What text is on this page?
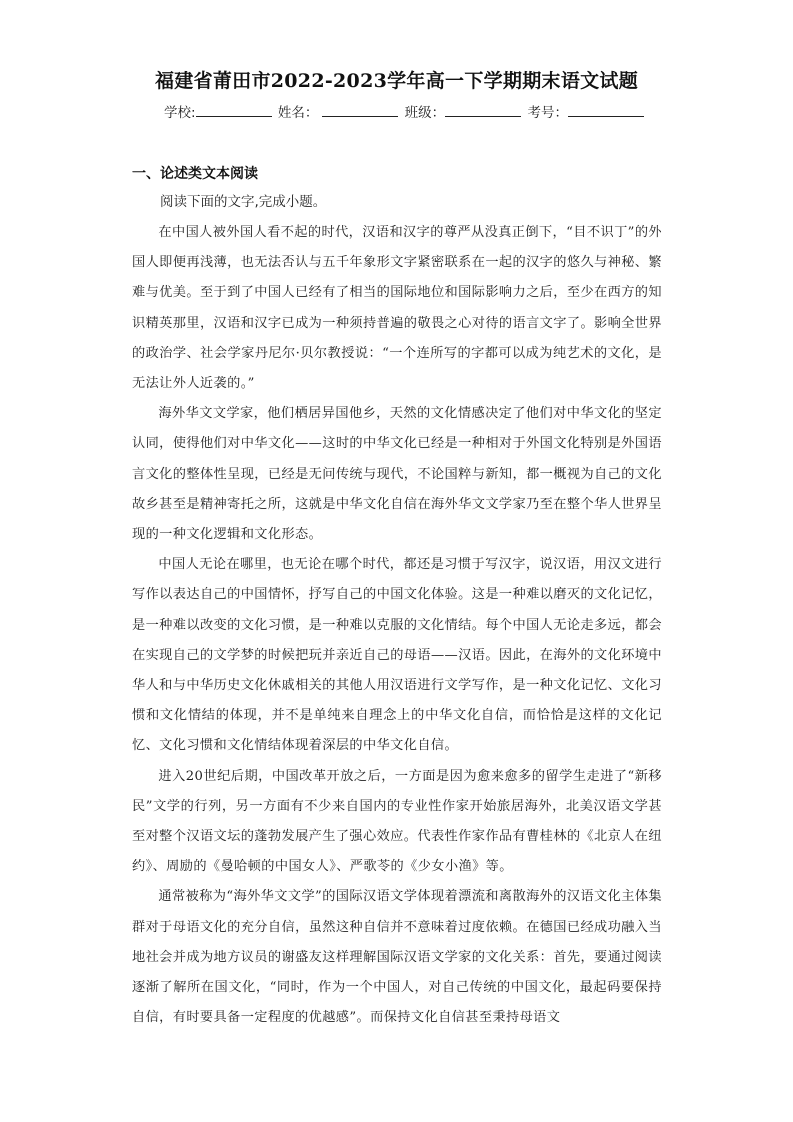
福建省莆田市2022-2023学年高一下学期期末语文试题
学校:	姓名：	班级：	考号：
一、论述类文本阅读
阅读下面的文字,完成小题。

在中国人被外国人看不起的时代，汉语和汉字的尊严从没真正倒下，“目不识丁”的外国人即便再浅薄，也无法否认与五千年象形文字紧密联系在一起的汉字的悠久与神秘、繁难与优美。至于到了中国人已经有了相当的国际地位和国际影响力之后，至少在西方的知识精英那里，汉语和汉字已成为一种须持普遍的敬畏之心对待的语言文字了。影响全世界的政治学、社会学家丹尼尔·贝尔教授说：“一个连所写的字都可以成为纯艺术的文化，是无法让外人近袭的。”

海外华文文学家，他们栖居异国他乡，天然的文化情感决定了他们对中华文化的坚定认同，使得他们对中华文化——这时的中华文化已经是一种相对于外国文化特别是外国语言文化的整体性呈现，已经是无问传统与现代，不论国粹与新知，都一概视为自己的文化故乡甚至是精神寄托之所，这就是中华文化自信在海外华文文学家乃至在整个华人世界呈现的一种文化逻辑和文化形态。

中国人无论在哪里，也无论在哪个时代，都还是习惯于写汉字，说汉语，用汉文进行写作以表达自己的中国情怀，抒写自己的中国文化体验。这是一种难以磨灭的文化记忆，是一种难以改变的文化习惯，是一种难以克服的文化情结。每个中国人无论走多远，都会在实现自己的文学梦的时候把玩并亲近自己的母语——汉语。因此，在海外的文化环境中华人和与中华历史文化休戚相关的其他人用汉语进行文学写作，是一种文化记忆、文化习惯和文化情结的体现，并不是单纯来自理念上的中华文化自信，而恰恰是这样的文化记忆、文化习惯和文化情结体现着深层的中华文化自信。

进入20世纪后期，中国改革开放之后，一方面是因为愈来愈多的留学生走进了“新移民”文学的行列，另一方面有不少来自国内的专业性作家开始旅居海外，北美汉语文学甚至对整个汉语文坛的蓬勃发展产生了强心效应。代表性作家作品有曹桂林的《北京人在纽约》、周励的《曼哈顿的中国女人》、严歌苓的《少女小渔》等。

通常被称为“海外华文文学”的国际汉语文学体现着漂流和离散海外的汉语文化主体集群对于母语文化的充分自信，虽然这种自信并不意味着过度依赖。在德国已经成功融入当地社会并成为地方议员的谢盛友这样理解国际汉语文学家的文化关系：首先，要通过阅读逐渐了解所在国文化，“同时，作为一个中国人，对自己传统的中国文化，最起码要保持自信，有时要具备一定程度的优越感”。而保持文化自信甚至秉持母语文
